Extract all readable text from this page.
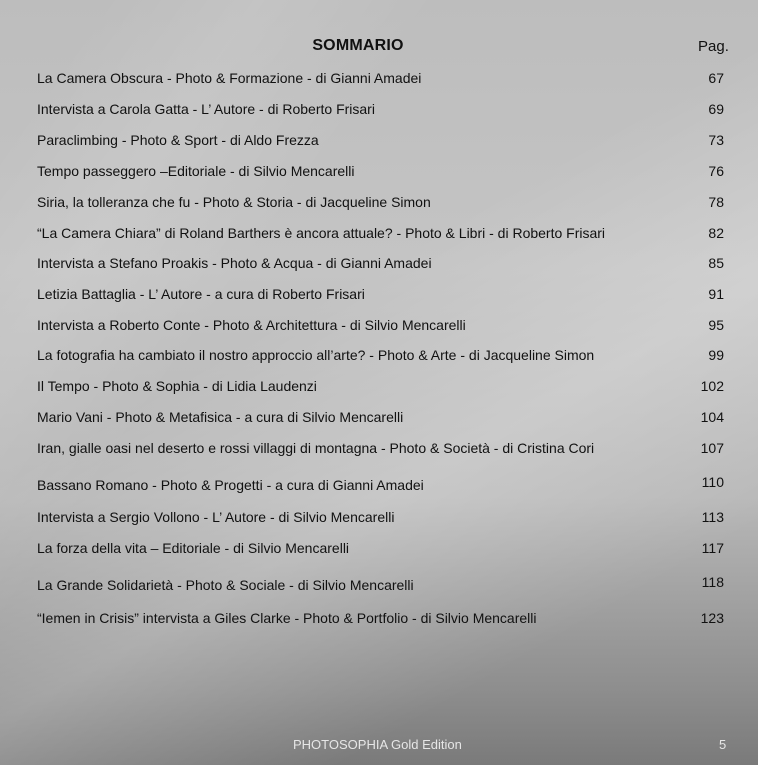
SOMMARIO	Pag.
La Camera Obscura - Photo & Formazione - di Gianni Amadei	67
Intervista a Carola Gatta - L’ Autore - di Roberto Frisari	69
Paraclimbing - Photo & Sport - di Aldo Frezza	73
Tempo passeggero –Editoriale - di Silvio Mencarelli	76
Siria, la tolleranza che fu - Photo & Storia - di Jacqueline Simon	78
“La Camera Chiara” di Roland Barthers è ancora attuale? - Photo & Libri - di Roberto Frisari	82
Intervista a Stefano Proakis - Photo & Acqua - di Gianni Amadei	85
Letizia Battaglia - L’ Autore - a cura di Roberto Frisari	91
Intervista a Roberto Conte - Photo & Architettura - di Silvio Mencarelli	95
La fotografia ha cambiato il nostro approccio all’arte? - Photo & Arte - di Jacqueline Simon	99
Il Tempo - Photo & Sophia - di Lidia Laudenzi	102
Mario Vani - Photo & Metafisica - a cura di Silvio Mencarelli	104
Iran, gialle oasi nel deserto e rossi villaggi di montagna - Photo & Società - di Cristina Cori	107
Bassano Romano - Photo & Progetti - a cura di Gianni Amadei	110
Intervista a Sergio Vollono - L’ Autore - di Silvio Mencarelli	113
La forza della vita – Editoriale - di Silvio Mencarelli	117
La Grande Solidarietà - Photo & Sociale - di Silvio Mencarelli	118
“Iemen in Crisis” intervista a Giles Clarke - Photo & Portfolio - di Silvio Mencarelli	123
PHOTOSOPHIA Gold Edition	5
